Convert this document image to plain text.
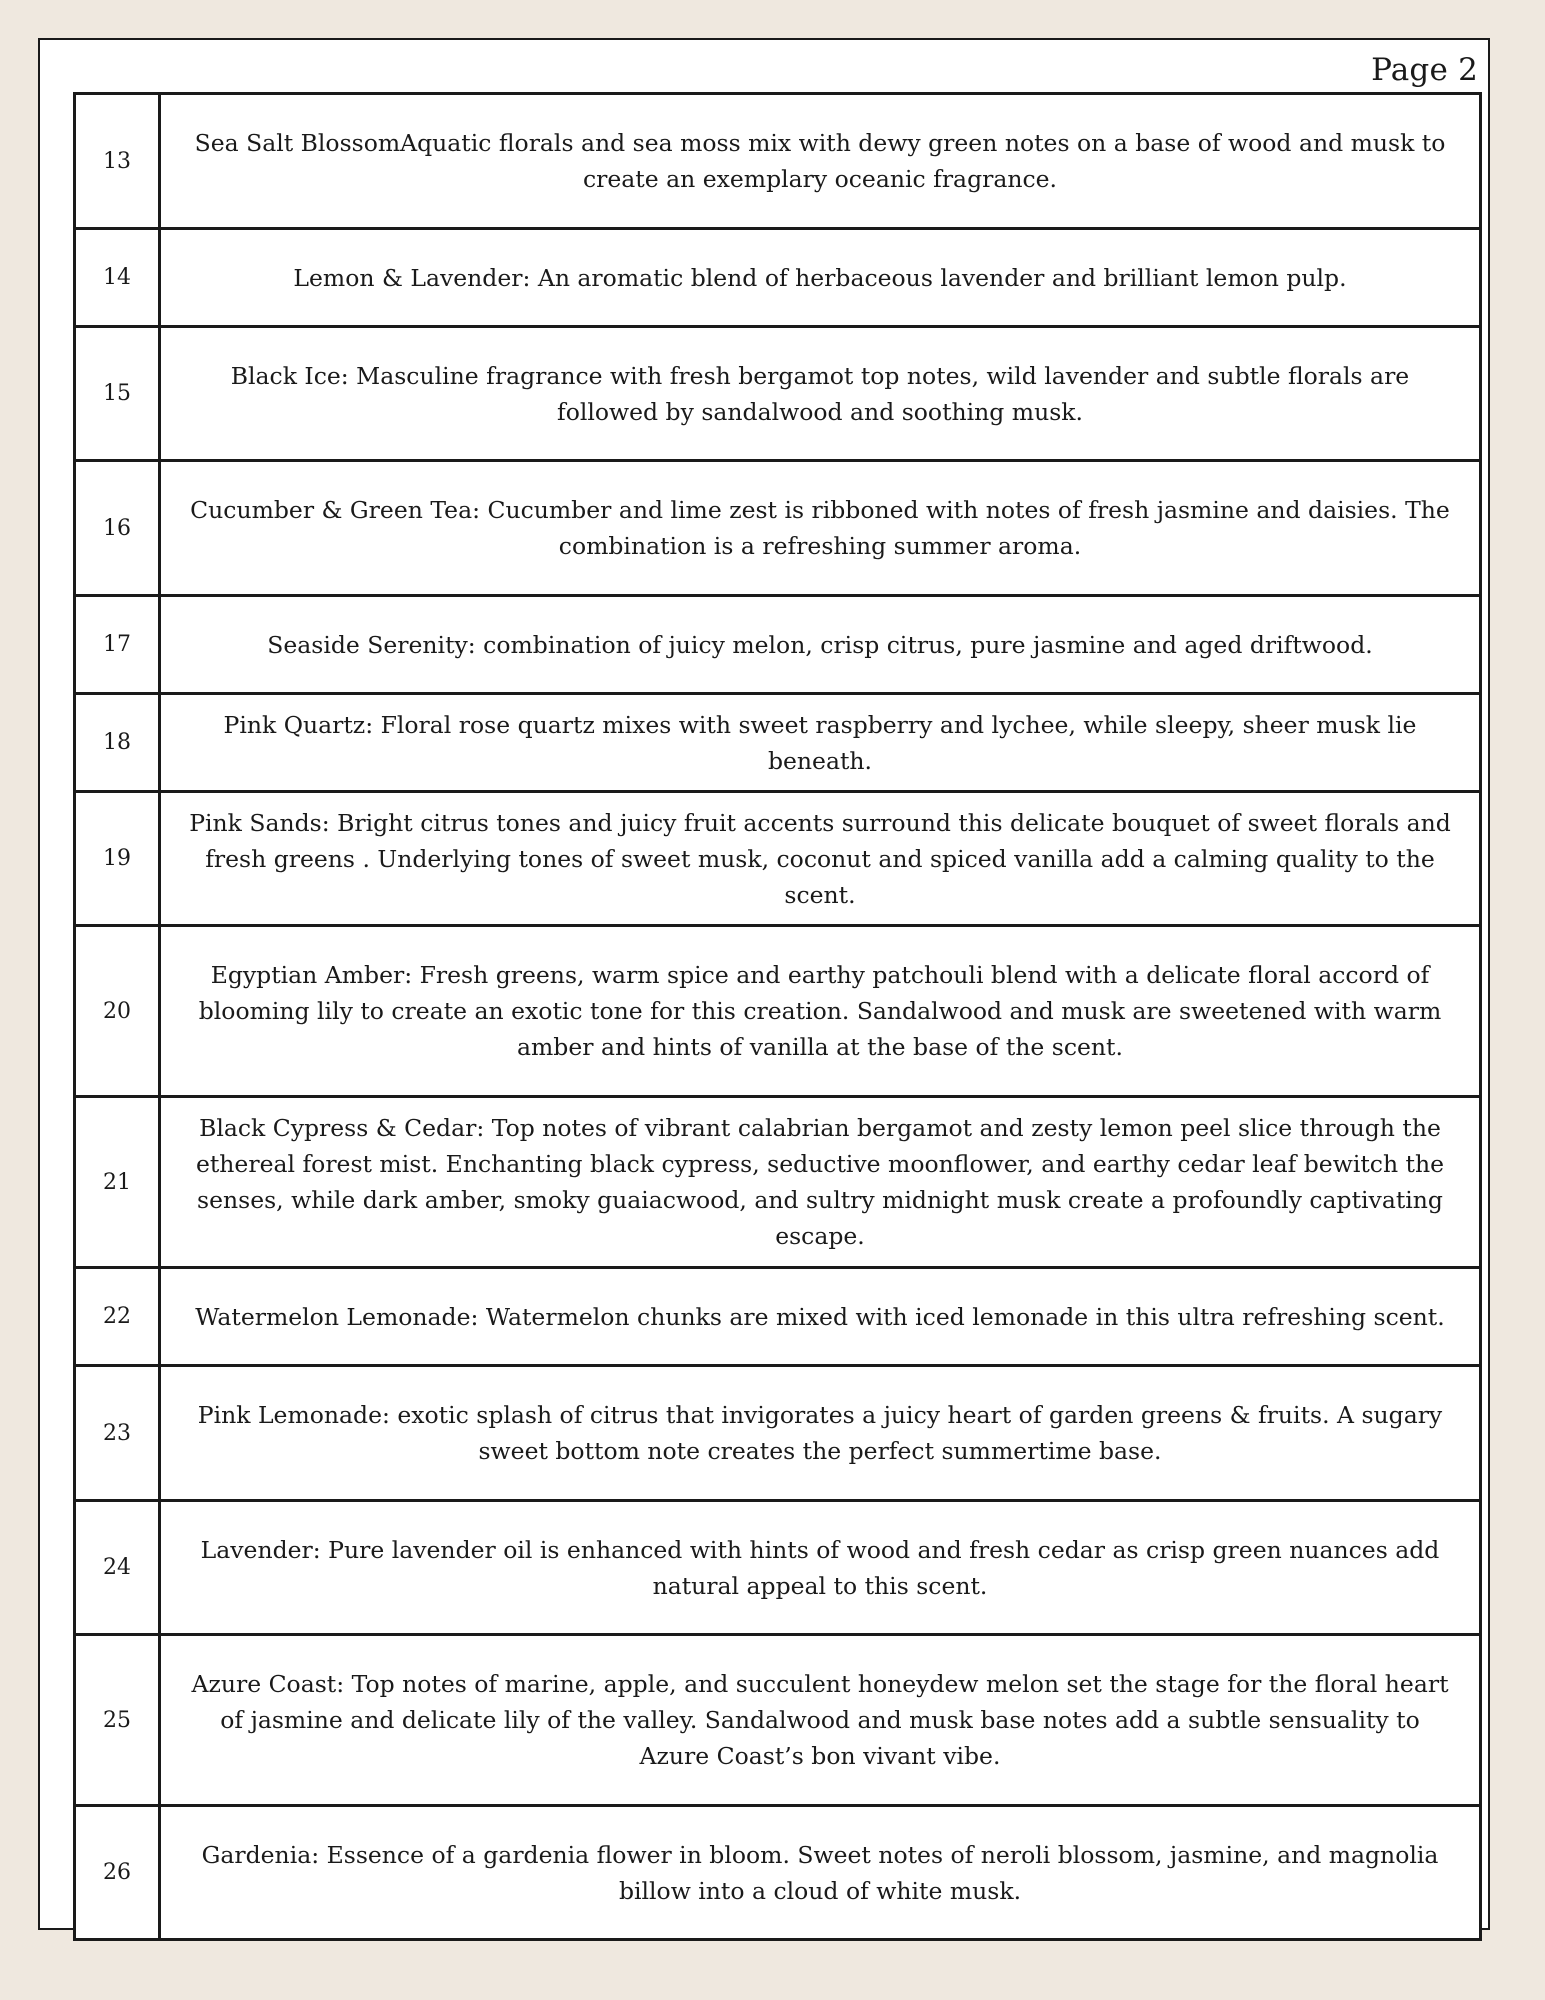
Page 2
13	Sea Salt BlossomAquatic florals and sea moss mix with dewy green notes on a base of wood and musk to create an exemplary oceanic fragrance.
14	Lemon & Lavender: An aromatic blend of herbaceous lavender and brilliant lemon pulp.
15	Black Ice: Masculine fragrance with fresh bergamot top notes, wild lavender and subtle florals are followed by sandalwood and soothing musk.
16	Cucumber & Green Tea: Cucumber and lime zest is ribboned with notes of fresh jasmine and daisies. The combination is a refreshing summer aroma.
17	Seaside Serenity: combination of juicy melon, crisp citrus, pure jasmine and aged driftwood.
18	Pink Quartz: Floral rose quartz mixes with sweet raspberry and lychee, while sleepy, sheer musk lie beneath.
19	Pink Sands: Bright citrus tones and juicy fruit accents surround this delicate bouquet of sweet florals and fresh greens . Underlying tones of sweet musk, coconut and spiced vanilla add a calming quality to the scent.
20	Egyptian Amber: Fresh greens, warm spice and earthy patchouli blend with a delicate floral accord of blooming lily to create an exotic tone for this creation. Sandalwood and musk are sweetened with warm amber and hints of vanilla at the base of the scent.
21	Black Cypress & Cedar: Top notes of vibrant calabrian bergamot and zesty lemon peel slice through the ethereal forest mist. Enchanting black cypress, seductive moonflower, and earthy cedar leaf bewitch the senses, while dark amber, smoky guaiacwood, and sultry midnight musk create a profoundly captivating escape.
22	Watermelon Lemonade: Watermelon chunks are mixed with iced lemonade in this ultra refreshing scent.
23	Pink Lemonade: exotic splash of citrus that invigorates a juicy heart of garden greens & fruits. A sugary sweet bottom note creates the perfect summertime base.
24	Lavender: Pure lavender oil is enhanced with hints of wood and fresh cedar as crisp green nuances add natural appeal to this scent.
25	Azure Coast: Top notes of marine, apple, and succulent honeydew melon set the stage for the floral heart of jasmine and delicate lily of the valley. Sandalwood and musk base notes add a subtle sensuality to Azure Coast’s bon vivant vibe.
26	Gardenia: Essence of a gardenia flower in bloom. Sweet notes of neroli blossom, jasmine, and magnolia billow into a cloud of white musk.
